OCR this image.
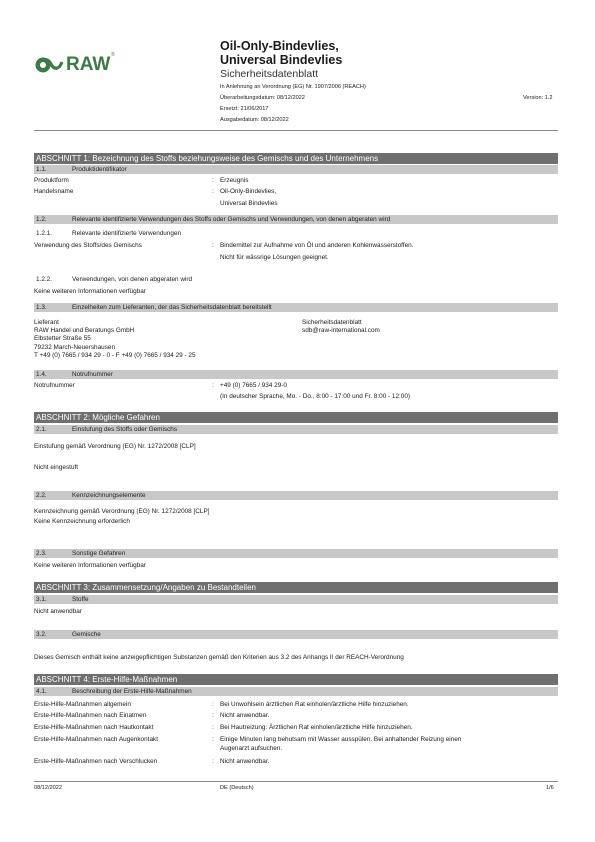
RAW ®
Oil-Only-Bindevlies,
Universal Bindevlies
Sicherheitsdatenblatt
In Anlehnung an Verordnung (EG) Nr. 1907/2006 (REACH)
Überarbeitungsdatum: 08/12/2022
Ersetzt: 21/06/2017
Ausgabedatum: 08/12/2022
Version: 1.2
ABSCHNITT 1: Bezeichnung des Stoffs beziehungsweise des Gemischs und des Unternehmens
1.1.	Produktidentifikator
Produktform	: Erzeugnis
Handelsname	: Oil-Only-Bindevlies,
Universal Bindevlies
1.2.	Relevante identifizierte Verwendungen des Stoffs oder Gemischs und Verwendungen, von denen abgeraten wird
1.2.1.	Relevante identifizierte Verwendungen
Verwendung des Stoffs/des Gemischs	: Bindemittel zur Aufnahme von Öl und anderen Kohlenwasserstoffen.
Nicht für wässrige Lösungen geeignet.
1.2.2.	Verwendungen, von denen abgeraten wird
Keine weiteren Informationen verfügbar
1.3.	Einzelheiten zum Lieferanten, der das Sicherheitsdatenblatt bereitstellt
Lieferant
RAW Handel und Beratungs GmbH
Elbstetter Straße 55
79232 March-Neuershausen
T +49 (0) 7665 / 934 29 - 0 - F +49 (0) 7665 / 934 29 - 25
Sicherheitsdatenblatt
sdb@raw-international.com
1.4.	Notrufnummer
Notrufnummer	: +49 (0) 7665 / 934 29-0
(In deutscher Sprache, Mo. - Do., 8:00 - 17:00 und Fr. 8:00 - 12:00)
ABSCHNITT 2: Mögliche Gefahren
2.1.	Einstufung des Stoffs oder Gemischs
Einstufung gemäß Verordnung (EG) Nr. 1272/2008 [CLP]
Nicht eingestuft
2.2.	Kennzeichnungselemente
Kennzeichnung gemäß Verordnung (EG) Nr. 1272/2008 [CLP]
Keine Kennzeichnung erforderlich
2.3.	Sonstige Gefahren
Keine weiteren Informationen verfügbar
ABSCHNITT 3: Zusammensetzung/Angaben zu Bestandteilen
3.1.	Stoffe
Nicht anwendbar
3.2.	Gemische
Dieses Gemisch enthält keine anzeigepflichtigen Substanzen gemäß den Kriterien aus 3.2 des Anhangs II der REACH-Verordnung
ABSCHNITT 4: Erste-Hilfe-Maßnahmen
4.1.	Beschreibung der Erste-Hilfe-Maßnahmen
Erste-Hilfe-Maßnahmen allgemein	: Bei Unwohlsein ärztlichen Rat einholen/ärztliche Hilfe hinzuziehen.
Erste-Hilfe-Maßnahmen nach Einatmen	: Nicht anwendbar.
Erste-Hilfe-Maßnahmen nach Hautkontakt	: Bei Hautreizung: Ärztlichen Rat einholen/ärztliche Hilfe hinzuziehen.
Erste-Hilfe-Maßnahmen nach Augenkontakt	: Einige Minuten lang behutsam mit Wasser ausspülen. Bei anhaltender Reizung einen
Augenarzt aufsuchen.
Erste-Hilfe-Maßnahmen nach Verschlucken	: Nicht anwendbar.
08/12/2022	DE (Deutsch)	1/6
